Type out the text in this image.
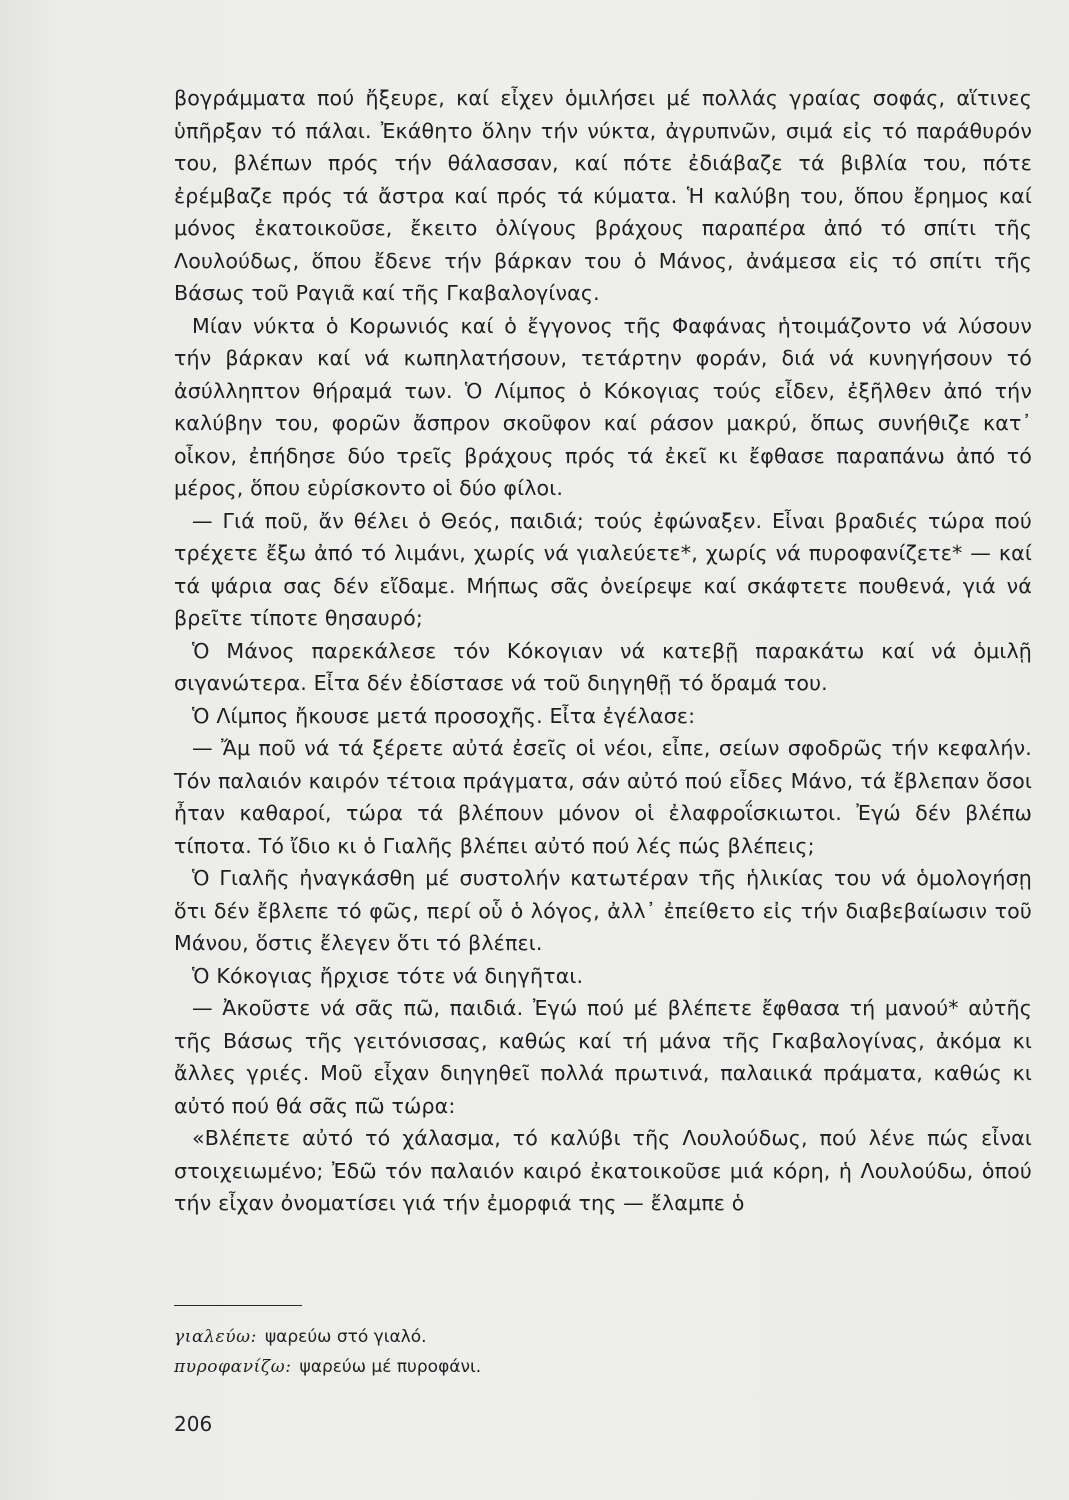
βογράμματα πού ἤξευρε, καί εἶχεν ὁμιλήσει μέ πολλάς γραίας σοφάς, αἵτινες ὑπῆρξαν τό πάλαι. Ἐκάθητο ὅλην τήν νύκτα, ἀγρυπνῶν, σιμά εἰς τό παράθυρόν του, βλέπων πρός τήν θάλασσαν, καί πότε ἐδιάβαζε τά βιβλία του, πότε ἐρέμβαζε πρός τά ἄστρα καί πρός τά κύματα. Ἡ καλύβη του, ὅπου ἔρημος καί μόνος ἐκατοικοῦσε, ἔκειτο ὀλίγους βράχους παραπέρα ἀπό τό σπίτι τῆς Λουλούδως, ὅπου ἔδενε τήν βάρκαν του ὁ Μάνος, ἀνάμεσα εἰς τό σπίτι τῆς Βάσως τοῦ Ραγιᾶ καί τῆς Γκαβαλογίνας.

Μίαν νύκτα ὁ Κορωνιός καί ὁ ἔγγονος τῆς Φαφάνας ἡτοιμάζοντο νά λύσουν τήν βάρκαν καί νά κωπηλατήσουν, τετάρτην φοράν, διά νά κυνηγήσουν τό ἀσύλληπτον θήραμά των. Ὁ Λίμπος ὁ Κόκογιας τούς εἶδεν, ἐξῆλθεν ἀπό τήν καλύβην του, φορῶν ἄσπρον σκοῦφον καί ράσον μακρύ, ὅπως συνήθιζε κατ᾿ οἶκον, ἐπήδησε δύο τρεῖς βράχους πρός τά ἐκεῖ κι ἔφθασε παραπάνω ἀπό τό μέρος, ὅπου εὑρίσκοντο οἱ δύο φίλοι.

— Γιά ποῦ, ἄν θέλει ὁ Θεός, παιδιά; τούς ἐφώναξεν. Εἶναι βραδιές τώρα πού τρέχετε ἔξω ἀπό τό λιμάνι, χωρίς νά γιαλεύετε*, χωρίς νά πυροφανίζετε* — καί τά ψάρια σας δέν εἴδαμε. Μήπως σᾶς ὀνείρεψε καί σκάφτετε πουθενά, γιά νά βρεῖτε τίποτε θησαυρό;

Ὁ Μάνος παρεκάλεσε τόν Κόκογιαν νά κατεβῇ παρακάτω καί νά ὁμιλῇ σιγανώτερα. Εἶτα δέν ἐδίστασε νά τοῦ διηγηθῇ τό ὅραμά του.

Ὁ Λίμπος ἤκουσε μετά προσοχῆς. Εἶτα ἐγέλασε:

— Ἄμ ποῦ νά τά ξέρετε αὐτά ἐσεῖς οἱ νέοι, εἶπε, σείων σφοδρῶς τήν κεφαλήν. Τόν παλαιόν καιρόν τέτοια πράγματα, σάν αὐτό πού εἶδες Μάνο, τά ἔβλεπαν ὅσοι ἦταν καθαροί, τώρα τά βλέπουν μόνον οἱ ἐλαφροΐσκιωτοι. Ἐγώ δέν βλέπω τίποτα. Τό ἴδιο κι ὁ Γιαλῆς βλέπει αὐτό πού λές πώς βλέπεις;

Ὁ Γιαλῆς ἠναγκάσθη μέ συστολήν κατωτέραν τῆς ἡλικίας του νά ὁμολογήσῃ ὅτι δέν ἔβλεπε τό φῶς, περί οὗ ὁ λόγος, ἀλλ᾿ ἐπείθετο εἰς τήν διαβεβαίωσιν τοῦ Μάνου, ὅστις ἔλεγεν ὅτι τό βλέπει.

Ὁ Κόκογιας ἤρχισε τότε νά διηγῆται.

— Ἀκοῦστε νά σᾶς πῶ, παιδιά. Ἐγώ πού μέ βλέπετε ἔφθασα τή μανού* αὐτῆς τῆς Βάσως τῆς γειτόνισσας, καθώς καί τή μάνα τῆς Γκαβαλογίνας, ἀκόμα κι ἄλλες γριές. Μοῦ εἶχαν διηγηθεῖ πολλά πρωτινά, παλαιικά πράματα, καθώς κι αὐτό πού θά σᾶς πῶ τώρα:

«Βλέπετε αὐτό τό χάλασμα, τό καλύβι τῆς Λουλούδως, πού λένε πώς εἶναι στοιχειωμένο; Ἐδῶ τόν παλαιόν καιρό ἐκατοικοῦσε μιά κόρη, ἡ Λουλούδω, ὁπού τήν εἶχαν ὀνοματίσει γιά τήν ἐμορφιά της — ἔλαμπε ὁ

γιαλεύω: ψαρεύω στό γιαλό.
πυροφανίζω: ψαρεύω μέ πυροφάνι.
206
